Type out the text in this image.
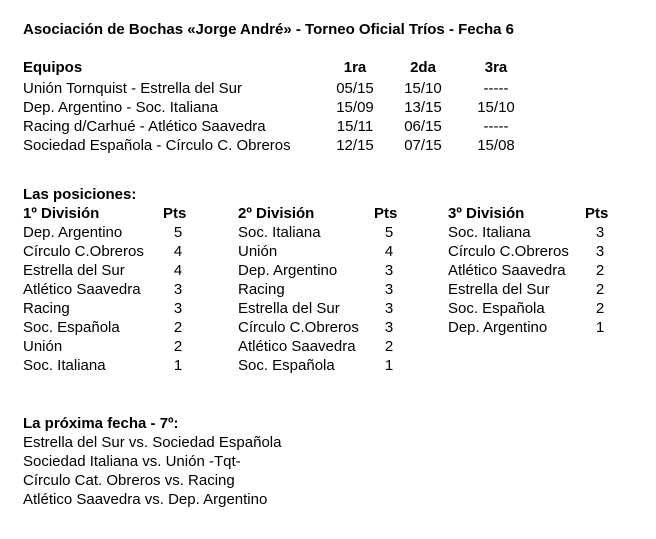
Asociación de Bochas «Jorge André» - Torneo Oficial Tríos - Fecha 6
Equipos	1ra	2da	3ra
Unión Tornquist - Estrella del Sur	05/15	15/10	-----
Dep. Argentino - Soc. Italiana	15/09	13/15	15/10
Racing d/Carhué - Atlético Saavedra	15/11	06/15	-----
Sociedad Española - Círculo C. Obreros	12/15	07/15	15/08
Las posiciones:
1º División	Pts
Dep. Argentino	5
Círculo C.Obreros	4
Estrella del Sur	4
Atlético Saavedra	3
Racing	3
Soc. Española	2
Unión	2
Soc. Italiana	1
2º División	Pts
Soc. Italiana	5
Unión	4
Dep. Argentino	3
Racing	3
Estrella del Sur	3
Círculo C.Obreros	3
Atlético Saavedra	2
Soc. Española	1
3º División	Pts
Soc. Italiana	3
Círculo C.Obreros	3
Atlético Saavedra	2
Estrella del Sur	2
Soc. Española	2
Dep. Argentino	1
La próxima fecha - 7º:
Estrella del Sur vs. Sociedad Española
Sociedad Italiana vs. Unión -Tqt-
Círculo Cat. Obreros vs. Racing
Atlético Saavedra vs. Dep. Argentino
